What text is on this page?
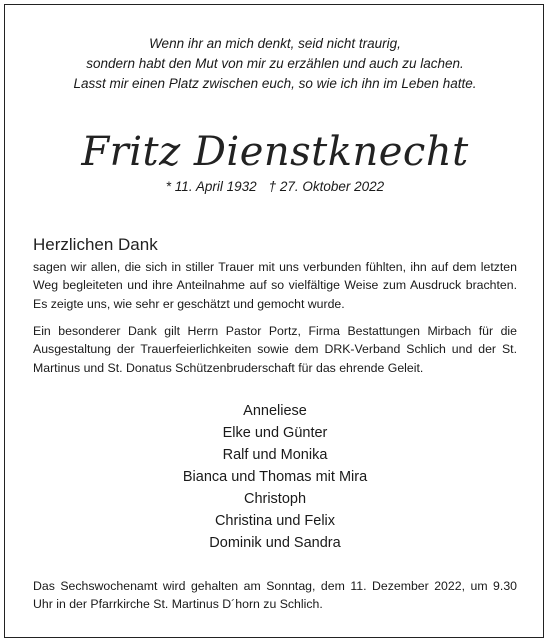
Wenn ihr an mich denkt, seid nicht traurig,
sondern habt den Mut von mir zu erzählen und auch zu lachen.
Lasst mir einen Platz zwischen euch, so wie ich ihn im Leben hatte.
Fritz Dienstknecht
* 11. April 1932 † 27. Oktober 2022
Herzlichen Dank
sagen wir allen, die sich in stiller Trauer mit uns verbunden fühlten, ihn auf dem letzten Weg begleiteten und ihre Anteilnahme auf so vielfältige Weise zum Ausdruck brachten. Es zeigte uns, wie sehr er geschätzt und gemocht wurde.
Ein besonderer Dank gilt Herrn Pastor Portz, Firma Bestattungen Mirbach für die Ausgestaltung der Trauerfeierlichkeiten sowie dem DRK-Verband Schlich und der St. Martinus und St. Donatus Schützenbruderschaft für das ehrende Geleit.
Anneliese
Elke und Günter
Ralf und Monika
Bianca und Thomas mit Mira
Christoph
Christina und Felix
Dominik und Sandra
Das Sechswochenamt wird gehalten am Sonntag, dem 11. Dezember 2022, um 9.30 Uhr in der Pfarrkirche St. Martinus D´horn zu Schlich.
